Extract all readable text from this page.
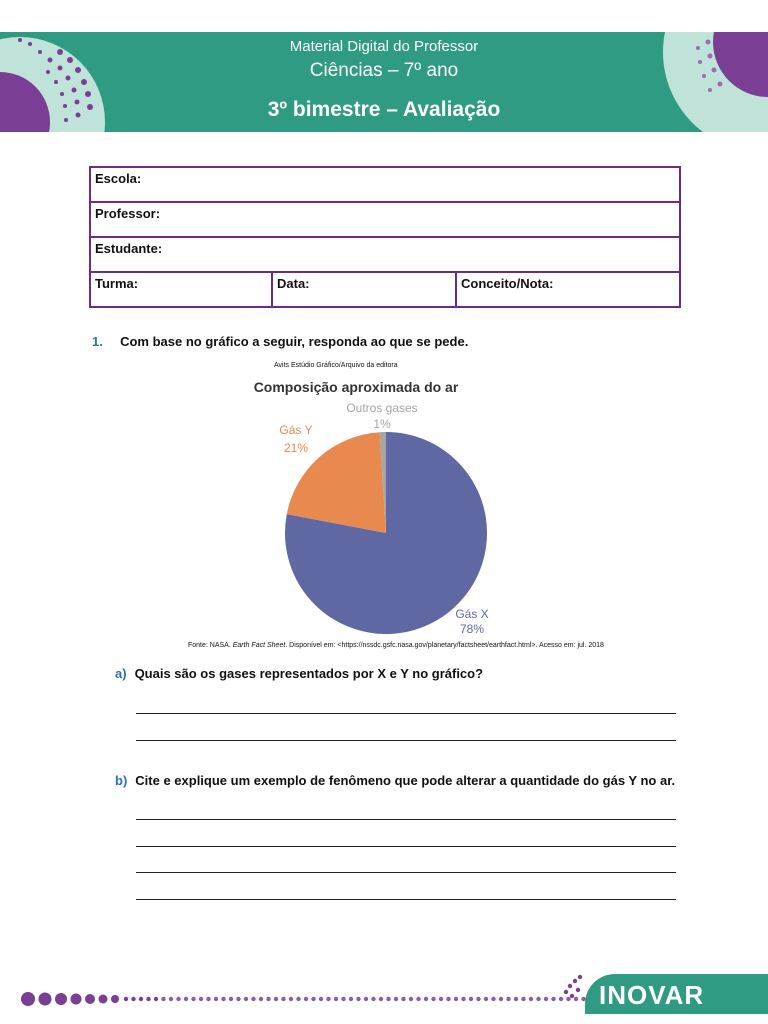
Material Digital do Professor
Ciências – 7º ano
3º bimestre – Avaliação
Escola:
Professor:
Estudante:
Turma:	Data:	Conceito/Nota:
1. Com base no gráfico a seguir, responda ao que se pede.
Avits Estúdio Gráfico/Arquivo da editora
Composição aproximada do ar
Gás X
78%
Gás Y
21%
Outros gases
1%
Fonte: NASA. Earth Fact Sheet. Disponível em: <https://nssdc.gsfc.nasa.gov/planetary/factsheet/earthfact.html>. Acesso em: jul. 2018
a) Quais são os gases representados por X e Y no gráfico?
b) Cite e explique um exemplo de fenômeno que pode alterar a quantidade do gás Y no ar.
INOVAR
